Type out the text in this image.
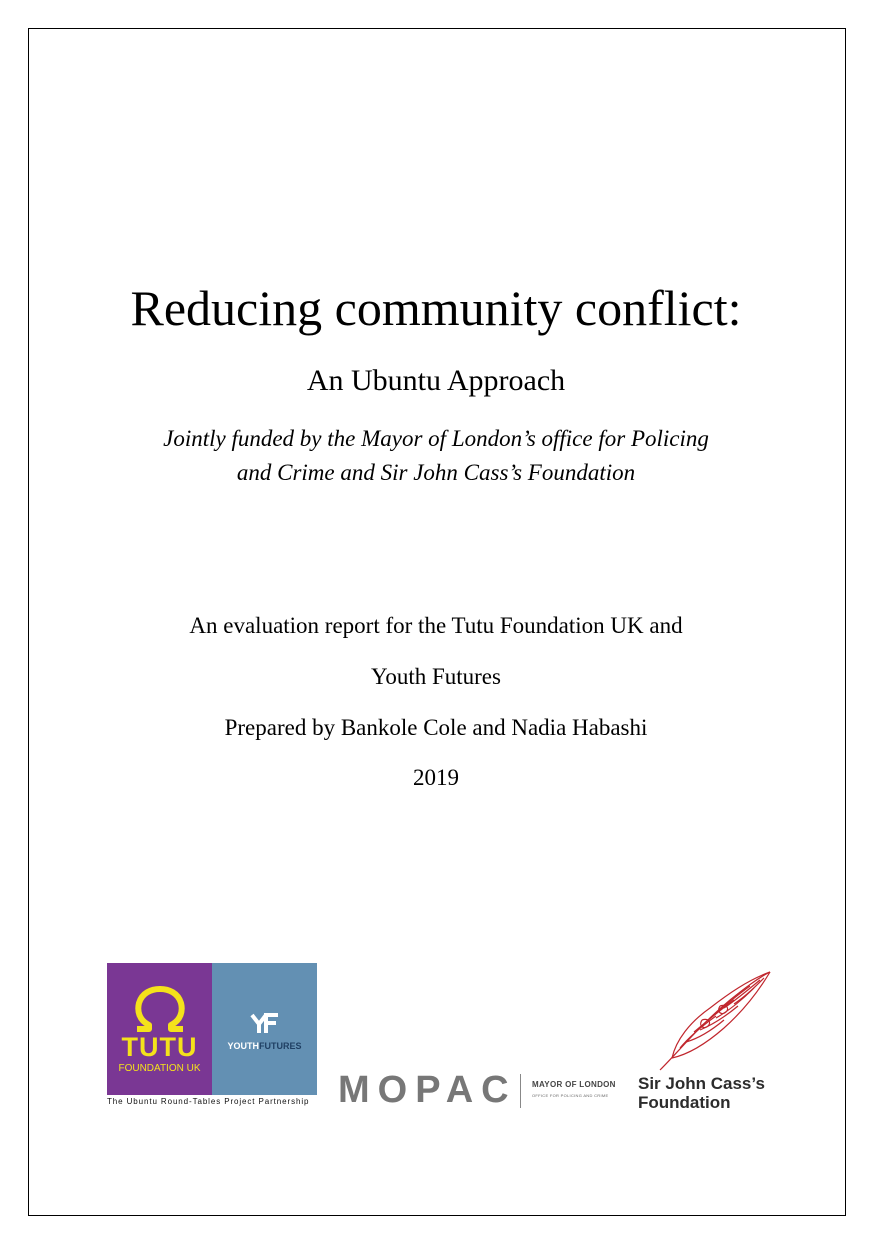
Reducing community conflict:
An Ubuntu Approach
Jointly funded by the Mayor of London’s office for Policing
and Crime and Sir John Cass’s Foundation
An evaluation report for the Tutu Foundation UK and
Youth Futures
Prepared by Bankole Cole and Nadia Habashi
2019
TUTU
FOUNDATION UK
YOUTHFUTURES
The Ubuntu Round-Tables Project Partnership MOPAC MAYOR OF LONDON
OFFICE FOR POLICING AND CRIME
Sir John Cass’s
Foundation
